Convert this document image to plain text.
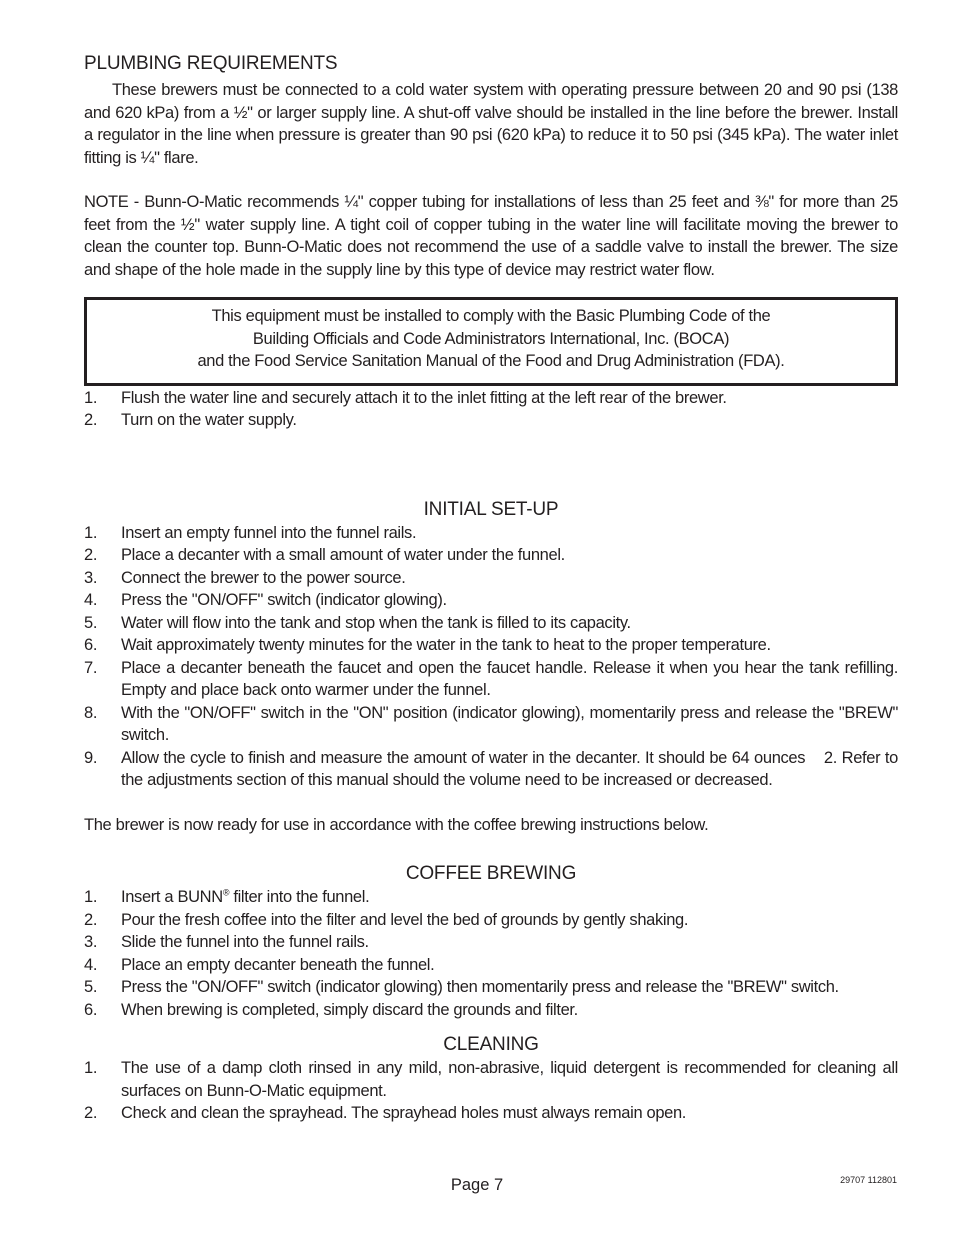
PLUMBING REQUIREMENTS

These brewers must be connected to a cold water system with operating pressure between 20 and 90 psi (138 and 620 kPa) from a ½" or larger supply line. A shut-off valve should be installed in the line before the brewer. Install a regulator in the line when pressure is greater than 90 psi (620 kPa) to reduce it to 50 psi (345 kPa). The water inlet fitting is ¼" flare.

NOTE - Bunn-O-Matic recommends ¼" copper tubing for installations of less than 25 feet and ⅜" for more than 25 feet from the ½" water supply line. A tight coil of copper tubing in the water line will facilitate moving the brewer to clean the counter top. Bunn-O-Matic does not recommend the use of a saddle valve to install the brewer. The size and shape of the hole made in the supply line by this type of device may restrict water flow.

This equipment must be installed to comply with the Basic Plumbing Code of the
Building Officials and Code Administrators International, Inc. (BOCA)
and the Food Service Sanitation Manual of the Food and Drug Administration (FDA).
1.	Flush the water line and securely attach it to the inlet fitting at the left rear of the brewer.
2.	Turn on the water supply.
INITIAL SET-UP
1.	Insert an empty funnel into the funnel rails.
2.	Place a decanter with a small amount of water under the funnel.
3.	Connect the brewer to the power source.
4.	Press the "ON/OFF" switch (indicator glowing).
5.	Water will flow into the tank and stop when the tank is filled to its capacity.
6.	Wait approximately twenty minutes for the water in the tank to heat to the proper temperature.
7.	Place a decanter beneath the faucet and open the faucet handle. Release it when you hear the tank refilling. Empty and place back onto warmer under the funnel.
8.	With the "ON/OFF" switch in the "ON" position (indicator glowing), momentarily press and release the "BREW" switch.
9.	Allow the cycle to finish and measure the amount of water in the decanter. It should be 64 ounces    2. Refer to the adjustments section of this manual should the volume need to be increased or decreased.

The brewer is now ready for use in accordance with the coffee brewing instructions below.

COFFEE BREWING
1.	Insert a BUNN® filter into the funnel.
2.	Pour the fresh coffee into the filter and level the bed of grounds by gently shaking.
3.	Slide the funnel into the funnel rails.
4.	Place an empty decanter beneath the funnel.
5.	Press the "ON/OFF" switch (indicator glowing) then momentarily press and release the "BREW" switch.
6.	When brewing is completed, simply discard the grounds and filter.
CLEANING
1.	The use of a damp cloth rinsed in any mild, non-abrasive, liquid detergent is recommended for cleaning all surfaces on Bunn-O-Matic equipment.
2.	Check and clean the sprayhead. The sprayhead holes must always remain open.
Page 7	29707 112801
